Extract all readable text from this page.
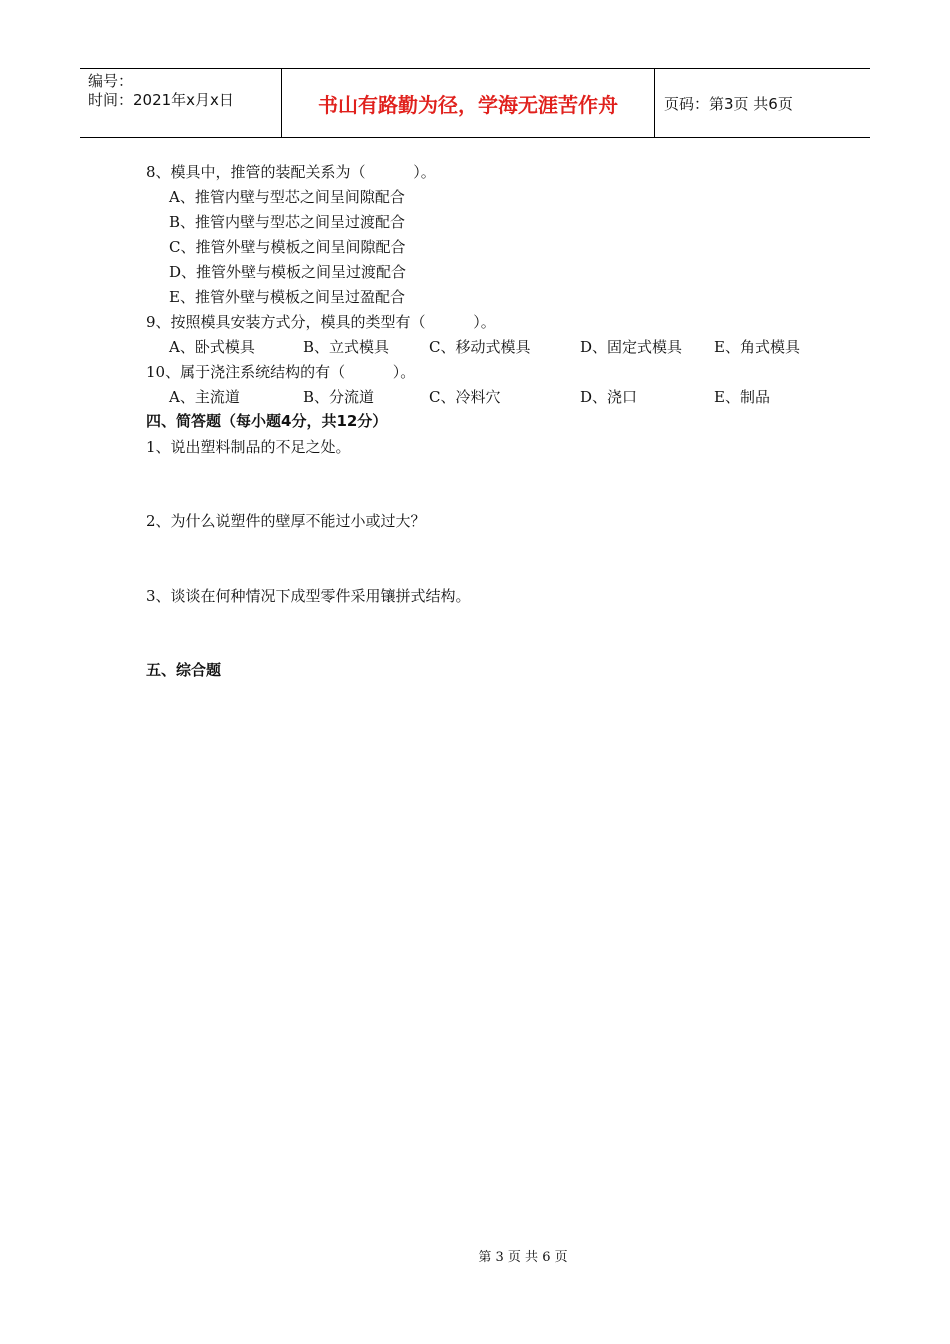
编号：
时间：2021年x月x日	书山有路勤为径，学海无涯苦作舟	页码：第3页 共6页
8、模具中，推管的装配关系为（          ）。
A、推管内壁与型芯之间呈间隙配合
B、推管内壁与型芯之间呈过渡配合
C、推管外壁与模板之间呈间隙配合
D、推管外壁与模板之间呈过渡配合
E、推管外壁与模板之间呈过盈配合
9、按照模具安装方式分，模具的类型有（          ）。
A、卧式模具	B、立式模具	C、移动式模具	D、固定式模具 E、角式模具
10、属于浇注系统结构的有（          ）。
A、主流道	B、分流道	C、冷料穴	D、浇口	E、制品
四、简答题（每小题4分，共12分）
1、说出塑料制品的不足之处。
2、为什么说塑件的壁厚不能过小或过大？
3、谈谈在何种情况下成型零件采用镶拼式结构。
五、综合题
第 3 页 共 6 页
